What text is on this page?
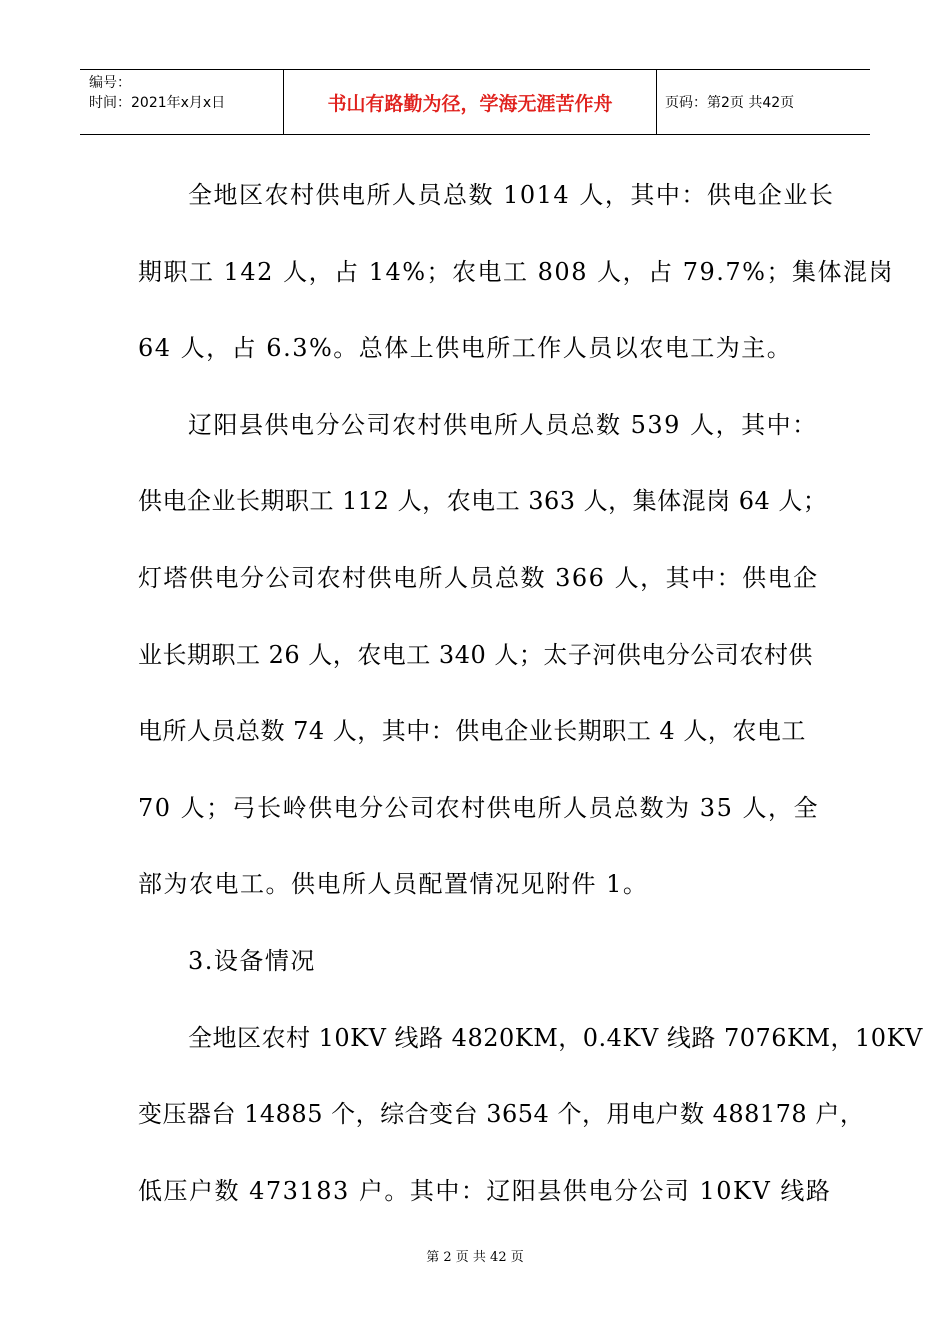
编号：
时间：2021年x月x日	书山有路勤为径，学海无涯苦作舟	页码：第2页 共42页
全地区农村供电所人员总数 1014 人，其中：供电企业长
期职工 142 人，占 14%；农电工 808 人，占 79.7%；集体混岗
64 人，占 6.3%。总体上供电所工作人员以农电工为主。
辽阳县供电分公司农村供电所人员总数 539 人，其中：
供电企业长期职工 112 人，农电工 363 人，集体混岗 64 人；
灯塔供电分公司农村供电所人员总数 366 人，其中：供电企
业长期职工 26 人，农电工 340 人；太子河供电分公司农村供
电所人员总数 74 人，其中：供电企业长期职工 4 人，农电工
70 人；弓长岭供电分公司农村供电所人员总数为 35 人，全
部为农电工。供电所人员配置情况见附件 1。
3.设备情况
全地区农村 10KV 线路 4820KM，0.4KV 线路 7076KM，10KV
变压器台 14885 个，综合变台 3654 个，用电户数 488178 户，
低压户数 473183 户。其中：辽阳县供电分公司 10KV 线路
第 2 页 共 42 页
